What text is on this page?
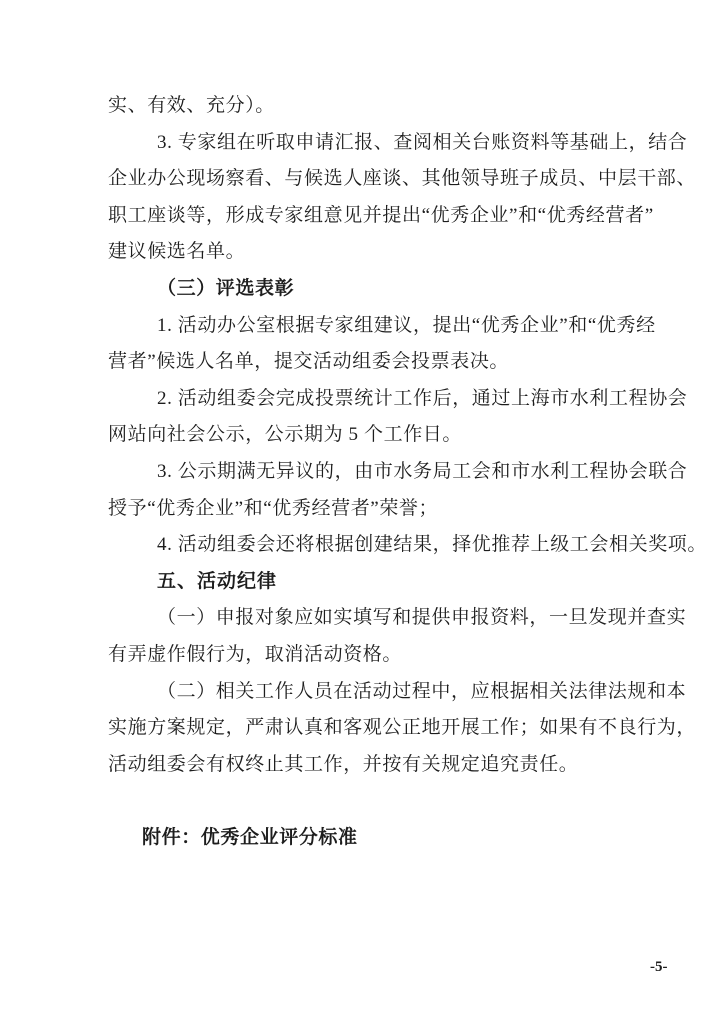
实、有效、充分）。
3. 专家组在听取申请汇报、查阅相关台账资料等基础上，结合
企业办公现场察看、与候选人座谈、其他领导班子成员、中层干部、
职工座谈等，形成专家组意见并提出“优秀企业”和“优秀经营者”
建议候选名单。
（三）评选表彰
1. 活动办公室根据专家组建议，提出“优秀企业”和“优秀经
营者”候选人名单，提交活动组委会投票表决。
2. 活动组委会完成投票统计工作后，通过上海市水利工程协会
网站向社会公示，公示期为 5 个工作日。
3. 公示期满无异议的，由市水务局工会和市水利工程协会联合
授予“优秀企业”和“优秀经营者”荣誉；
4. 活动组委会还将根据创建结果，择优推荐上级工会相关奖项。
五、活动纪律
（一）申报对象应如实填写和提供申报资料，一旦发现并查实
有弄虚作假行为，取消活动资格。
（二）相关工作人员在活动过程中，应根据相关法律法规和本
实施方案规定，严肃认真和客观公正地开展工作；如果有不良行为，
活动组委会有权终止其工作，并按有关规定追究责任。
附件：优秀企业评分标准
-5-
